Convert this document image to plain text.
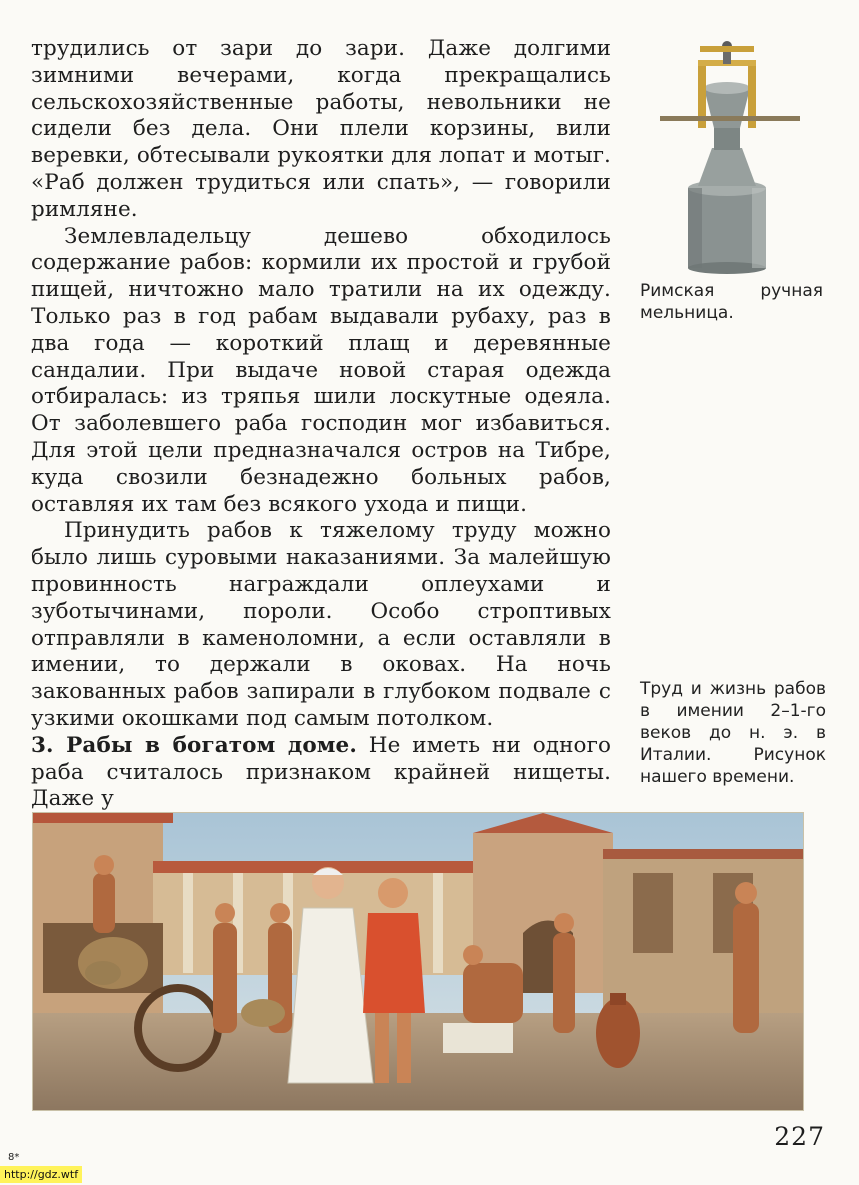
трудились от зари до зари. Даже долгими зимними вечерами, когда прекращались сельскохозяйственные работы, невольники не сидели без дела. Они плели корзины, вили веревки, обтесывали рукоятки для лопат и мотыг. «Раб должен трудиться или спать», — говорили римляне.

Землевладельцу дешево обходилось содержание рабов: кормили их простой и грубой пищей, ничтожно мало тратили на их одежду. Только раз в год рабам выдавали рубаху, раз в два года — короткий плащ и деревянные сандалии. При выдаче новой старая одежда отбиралась: из тряпья шили лоскутные одеяла. От заболевшего раба господин мог избавиться. Для этой цели предназначался остров на Тибре, куда свозили безнадежно больных рабов, оставляя их там без всякого ухода и пищи.

Принудить рабов к тяжелому труду можно было лишь суровыми наказаниями. За малейшую провинность награждали оплеухами и зуботычинами, пороли. Особо строптивых отправляли в каменоломни, а если оставляли в имении, то держали в оковах. На ночь закованных рабов запирали в глубоком подвале с узкими окошками под самым потолком.

3. Рабы в богатом доме. Не иметь ни одного раба считалось признаком крайней нищеты. Даже у

Римская ручная мельница.
Труд и жизнь рабов в имении 2–1-го веков до н. э. в Италии. Рисунок нашего времени.
227
8*
http://gdz.wtf
